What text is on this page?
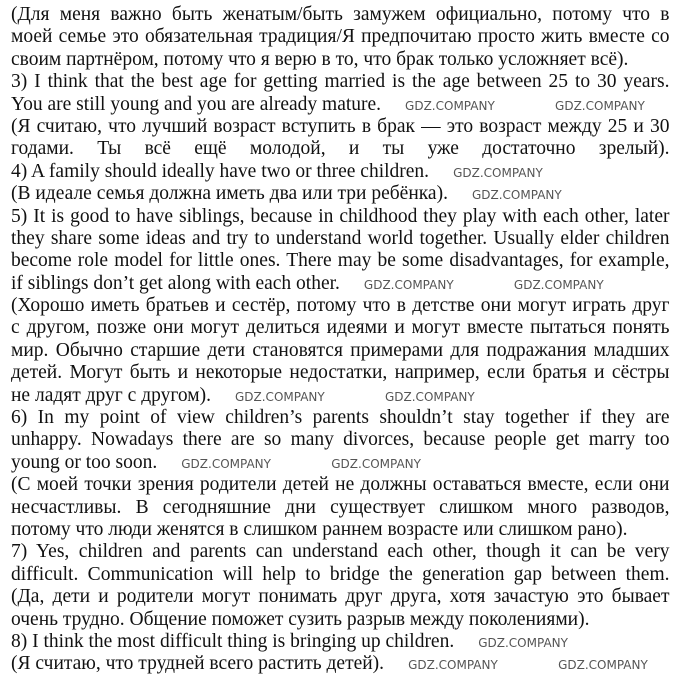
(Для меня важно быть женатым/быть замужем официально, потому что в
моей семье это обязательная традиция/Я предпочитаю просто жить вместе со
своим партнёром, потому что я верю в то, что брак только усложняет всё).
3) I think that the best age for getting married is the age between 25 to 30 years.
You are still young and you are already mature. GDZ.COMPANY	GDZ.COMPANY
(Я считаю, что лучший возраст вступить в брак — это возраст между 25 и 30
годами. Ты всё ещё молодой, и ты уже достаточно зрелый).
4) A family should ideally have two or three children. GDZ.COMPANY
(В идеале семья должна иметь два или три ребёнка). GDZ.COMPANY
5) It is good to have siblings, because in childhood they play with each other, later
they share some ideas and try to understand world together. Usually elder children
become role model for little ones. There may be some disadvantages, for example,
if siblings don’t get along with each other. GDZ.COMPANY	GDZ.COMPANY
(Хорошо иметь братьев и сестёр, потому что в детстве они могут играть друг
с другом, позже они могут делиться идеями и могут вместе пытаться понять
мир. Обычно старшие дети становятся примерами для подражания младших
детей. Могут быть и некоторые недостатки, например, если братья и сёстры
не ладят друг с другом). GDZ.COMPANY	GDZ.COMPANY
6) In my point of view children’s parents shouldn’t stay together if they are
unhappy. Nowadays there are so many divorces, because people get marry too
young or too soon. GDZ.COMPANY	GDZ.COMPANY
(С моей точки зрения родители детей не должны оставаться вместе, если они
несчастливы. В сегодняшние дни существует слишком много разводов,
потому что люди женятся в слишком раннем возрасте или слишком рано).
7) Yes, children and parents can understand each other, though it can be very
difficult. Communication will help to bridge the generation gap between them.
(Да, дети и родители могут понимать друг друга, хотя зачастую это бывает
очень трудно. Общение поможет сузить разрыв между поколениями).
8) I think the most difficult thing is bringing up children. GDZ.COMPANY
(Я считаю, что трудней всего растить детей). GDZ.COMPANY	GDZ.COMPANY
